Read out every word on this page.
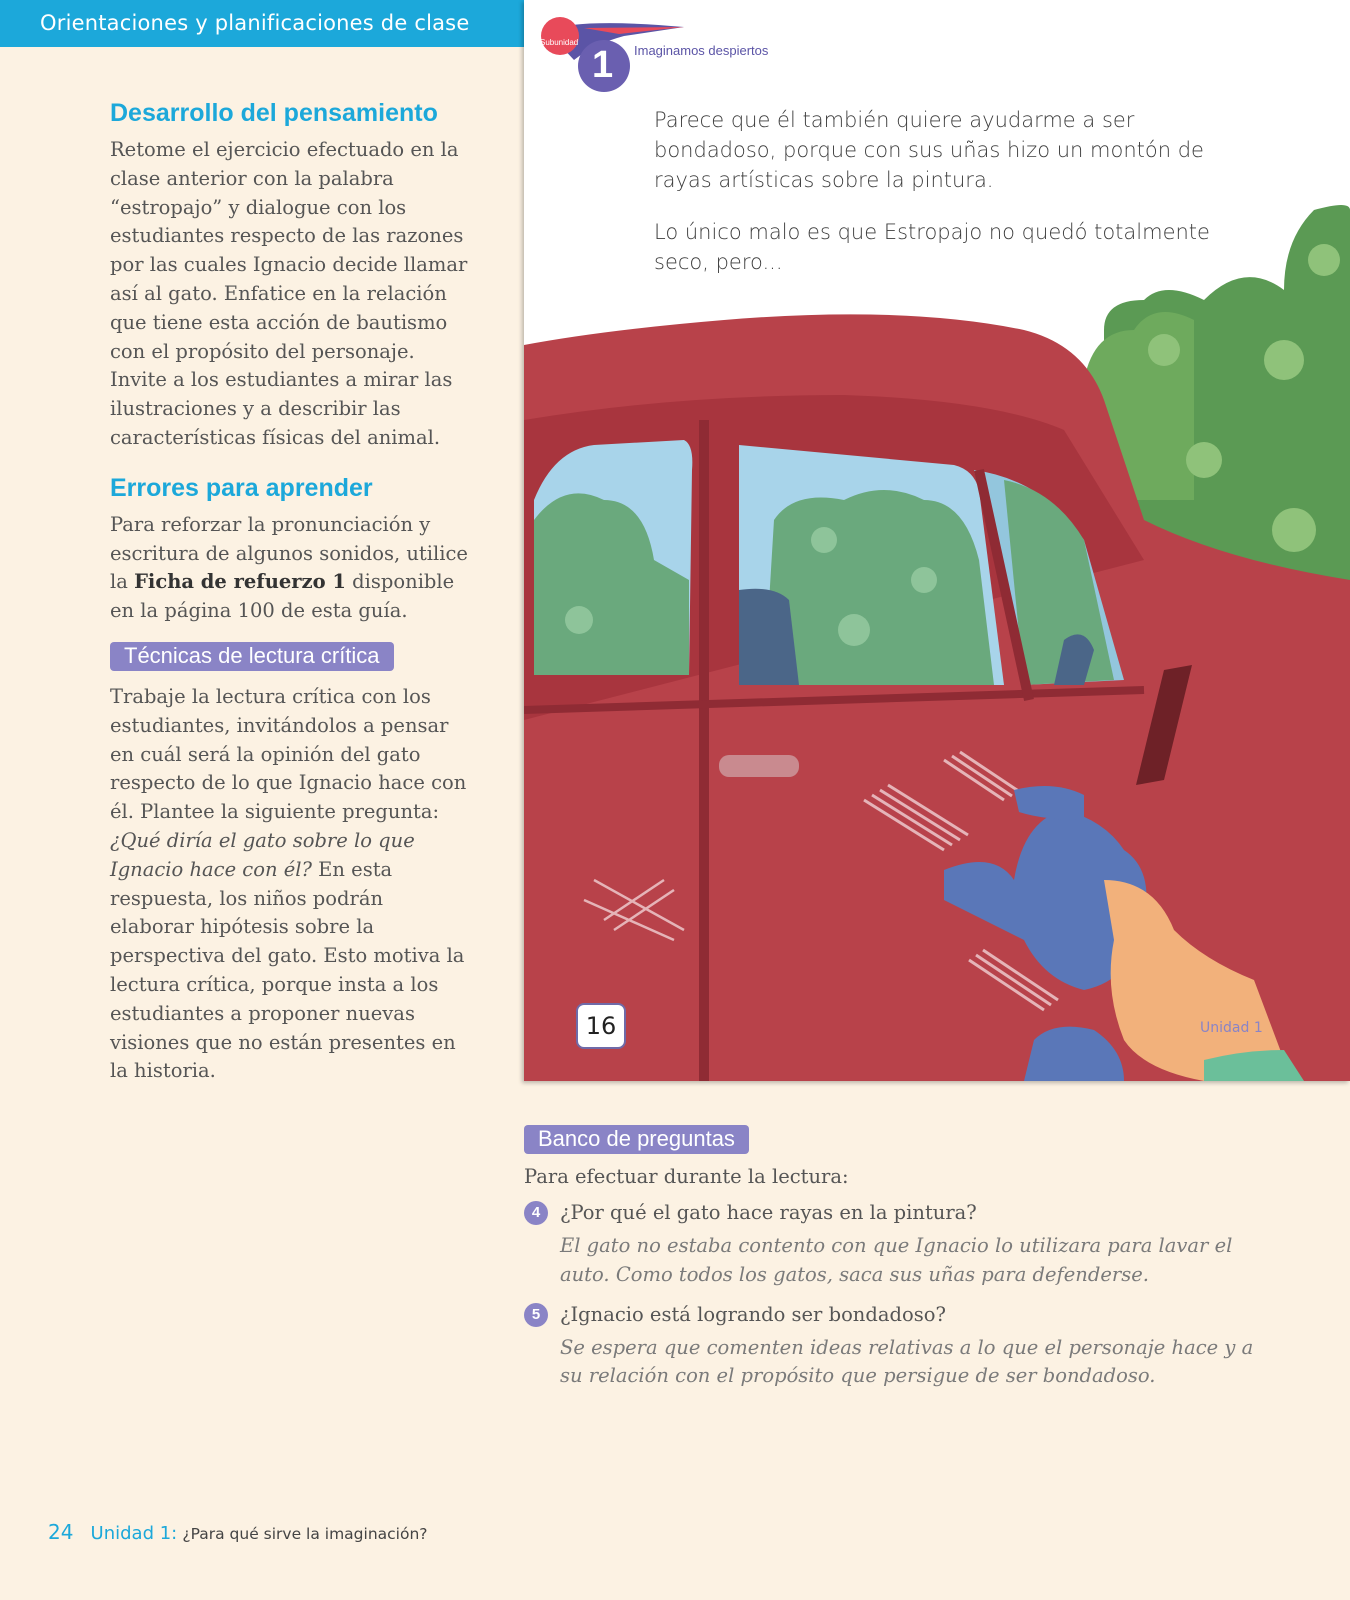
Orientaciones y planificaciones de clase
Desarrollo del pensamiento

Retome el ejercicio efectuado en la clase anterior con la palabra “estropajo” y dialogue con los estudiantes respecto de las razones por las cuales Ignacio decide llamar así al gato. Enfatice en la relación que tiene esta acción de bautismo con el propósito del personaje. Invite a los estudiantes a mirar las ilustraciones y a describir las características físicas del animal.

Errores para aprender

Para reforzar la pronunciación y escritura de algunos sonidos, utilice la Ficha de refuerzo 1 disponible en la página 100 de esta guía.

Técnicas de lectura crítica

Trabaje la lectura crítica con los estudiantes, invitándolos a pensar en cuál será la opinión del gato respecto de lo que Ignacio hace con él. Plantee la siguiente pregunta: ¿Qué diría el gato sobre lo que Ignacio hace con él? En esta respuesta, los niños podrán elaborar hipótesis sobre la perspectiva del gato. Esto motiva la lectura crítica, porque insta a los estudiantes a proponer nuevas visiones que no están presentes en la historia.

Subunidad
1 Imaginamos despiertos

Parece que él también quiere ayudarme a ser bondadoso, porque con sus uñas hizo un montón de rayas artísticas sobre la pintura.

Lo único malo es que Estropajo no quedó totalmente seco, pero...

16	Unidad 1
Banco de preguntas
Para efectuar durante la lectura:
4	¿Por qué el gato hace rayas en la pintura?
El gato no estaba contento con que Ignacio lo utilizara para lavar el auto. Como todos los gatos, saca sus uñas para defenderse.
5	¿Ignacio está logrando ser bondadoso?
Se espera que comenten ideas relativas a lo que el personaje hace y a su relación con el propósito que persigue de ser bondadoso.
24 Unidad 1: ¿Para qué sirve la imaginación?
